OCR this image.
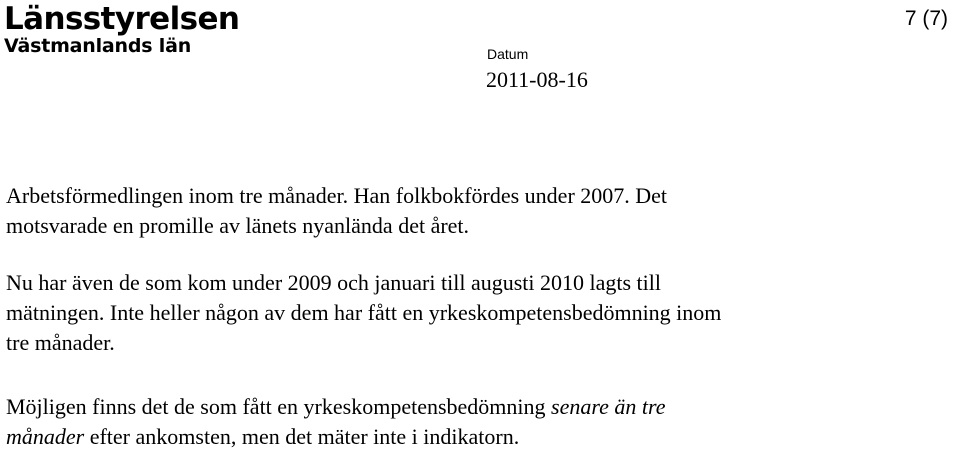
Länsstyrelsen
Västmanlands län
7 (7)
Datum
2011-08-16
Arbetsförmedlingen inom tre månader. Han folkbokfördes under 2007. Det
motsvarade en promille av länets nyanlända det året.
Nu har även de som kom under 2009 och januari till augusti 2010 lagts till
mätningen. Inte heller någon av dem har fått en yrkeskompetensbedömning inom
tre månader.
Möjligen finns det de som fått en yrkeskompetensbedömning senare än tre
månader efter ankomsten, men det mäter inte i indikatorn.
